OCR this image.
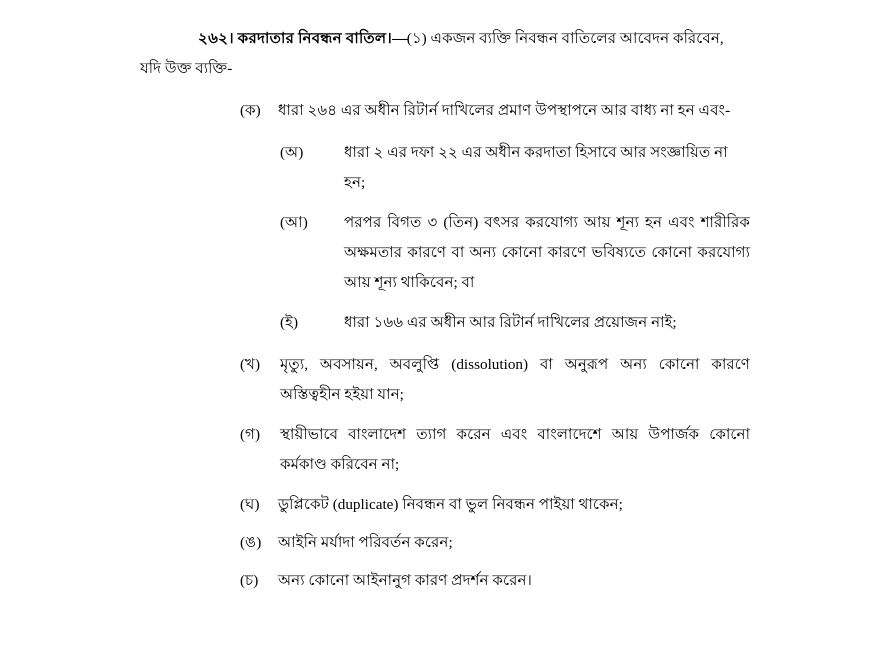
২৬২। করদাতার নিবন্ধন বাতিল।—(১) একজন ব্যক্তি নিবন্ধন বাতিলের আবেদন করিবেন,

যদি উক্ত ব্যক্তি-

(ক)	ধারা ২৬৪ এর অধীন রিটার্ন দাখিলের প্রমাণ উপস্থাপনে আর বাধ্য না হন এবং-
(অ)	ধারা ২ এর দফা ২২ এর অধীন করদাতা হিসাবে আর সংজ্ঞায়িত না হন;
(আ)	পরপর বিগত ৩ (তিন) বৎসর করযোগ্য আয় শূন্য হন এবং শারীরিক
অক্ষমতার কারণে বা অন্য কোনো কারণে ভবিষ্যতে কোনো করযোগ্য
আয় শূন্য থাকিবেন; বা
(ই)	ধারা ১৬৬ এর অধীন আর রিটার্ন দাখিলের প্রয়োজন নাই;
(খ)	মৃত্যু, অবসায়ন, অবলুপ্তি (dissolution) বা অনুরূপ অন্য কোনো কারণে
অস্তিত্বহীন হইয়া যান;
(গ)	স্থায়ীভাবে বাংলাদেশ ত্যাগ করেন এবং বাংলাদেশে আয় উপার্জক কোনো
কর্মকাণ্ড করিবেন না;
(ঘ)	ডুপ্লিকেট (duplicate) নিবন্ধন বা ভুল নিবন্ধন পাইয়া থাকেন;
(ঙ)	আইনি মর্যাদা পরিবর্তন করেন;
(চ)	অন্য কোনো আইনানুগ কারণ প্রদর্শন করেন।
